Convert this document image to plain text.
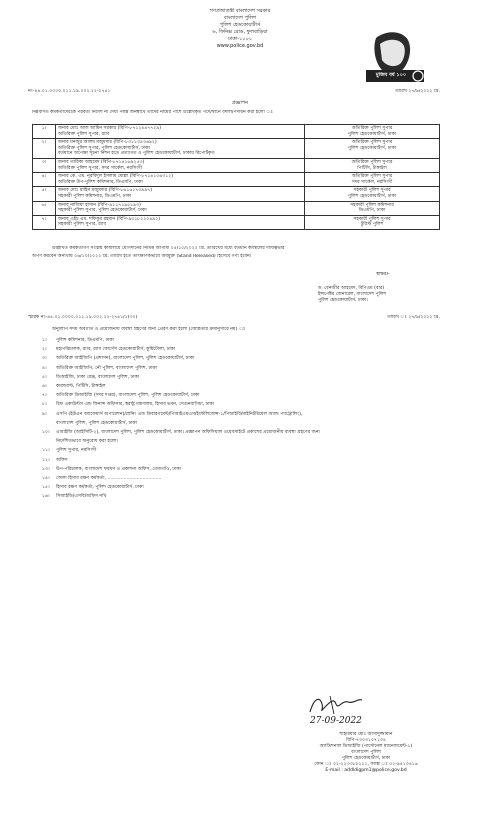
গণপ্রজাতন্ত্রী বাংলাদেশ সরকার
বাংলাদেশ পুলিশ
পুলিশ হেডকোয়ার্টার্স
৬, ফিনিক্স রোড, ফুলবাড়িয়া
ঢাকা-১০০০
www.police.gov.bd
মুজিব বর্ষ ১০০
নং-৪৪.০১.০০০০.০১১.১৯.০০২.২২-২৭৪১	তারিখ ২৭/৯/২০২২ খ্রি.
প্রজ্ঞাপন
নিম্নবর্ণিত কর্মকর্তাদেরকে পরবর্তী নির্দেশ না দেয়া পর্যন্ত জনস্বার্থে তাদের নামের পাশে উল্লেখকৃত পদে/স্থানে বদলি/পদায়ন করা হলো ঃ
১।	জনাব মোঃ আল আমিন সরকার (বিপি-৮৭১২৪৪৭৭২৯)
অতিরিক্ত পুলিশ সুপার, র‍্যাব	অতিরিক্ত পুলিশ সুপার
পুলিশ হেডকোয়ার্টার্স, ঢাকা
২।	জনাব মনজুর আলম মজুমদার (বিপি-৮৩১১৩৪৩৬৯২)
অতিরিক্ত পুলিশ সুপার, পুলিশ হেডকোয়ার্টার্স, ঢাকা
বর্তমানে অপেক্ষা সূচনা নিশন হতে প্রত্যাগত ও পুলিশ হেডকোয়ার্টার্স, ঢাকায় রিপোর্টকৃত	অতিরিক্ত পুলিশ সুপার
পুলিশ হেডকোয়ার্টার্স, ঢাকা
৩।	জনাব তারিকা আহমেদ (বিপি-৮৭১৪১৬৯২৫৩)
অতিরিক্ত পুলিশ সুপার, সদর সার্কেল, নরসিংদী	অতিরিক্ত পুলিশ সুপার
পিটিসি, টাঙ্গাইল
৪।	জনাব কে. এম. নূরবিদুল ইসলাম মোল্লা (বিপি-৮৭১৪১০৬৩১২)
অতিরিক্ত উপ-পুলিশ কমিশনার, ডিএমপি, ঢাকা	অতিরিক্ত পুলিশ সুপার
সদর সার্কেল, নরসিংদী
৫।	জনাব মোঃ মাহিন মজুমদার (বিপি-৮৬১৬১৭৩৯৯৭)
সহকারী পুলিশ কমিশনার, ডিএমপি, ঢাকা	সহকারী পুলিশ সুপার
পুলিশ হেডকোয়ার্টার্স, ঢাকা
৬।	জনাব নাজিয়া হাসান (বিপি-৯১১৭১৯৫১৯৩)
সহকারী পুলিশ সুপার, পুলিশ হেডকোয়ার্টার্স, ঢাকা	সহকারী পুলিশ কমিশনার
ডিএমপি, ঢাকা
৭।	জনাব এইচ এম. শফিকুর রহমান (বিপি-৯৩১৮২২০৪৯২)
সহকারী পুলিশ সুপার, র‍্যাব	সহকারী পুলিশ সুপার
টুরিস্ট পুলিশ
উল্লিখিত কর্মকর্তাগণ সংশ্লিষ্ট কার্যালয়ে যোগদানের নিমিত্ত আগামী ০৫/১০/২০২২ খ্রি. তারিখের মধ্যে বর্তমান কর্মস্থলের দায়িত্বভার
অর্পণ করবেন অন্যথায় ০৬/১০/২০২২ খ্রি. তারিখ হতে তাৎক্ষণিকভাবে অবমুক্ত (Stand Released) হিসেবে গণ্য হবেন।
স্বাক্ষর/-
ড. বেনজীর আহমেদ, বিপিএম (বার)
ইন্সপেক্টর জেনারেল, বাংলাদেশ পুলিশ
পুলিশ হেডকোয়ার্টার্স, ঢাকা।
স্মারক নং-৪৪.০১.০০০০.০১১.১৯.০০২.২২-২৭৪১/১(৩০)	তারিখ ঃ ২৭/৯/২০২২ খ্রি.
অনুলিপি সদয় অবগতি ও প্রয়োজনীয় ব্যবস্থা গ্রহণের জন্য প্রেরণ করা হলো (জ্যেষ্ঠতার ক্রমানুসারে নয়) ঃ
১। পুলিশ কমিশনার, ডিএমপি, ঢাকা
২। মহাপরিচালক, র‍্যাব, র‍্যাব ফোর্সেস হেডকোয়ার্টার্স, কুর্মিটোলা, ঢাকা
৩। অতিরিক্ত আইজিপি (প্রশাসন), বাংলাদেশ পুলিশ, পুলিশ হেডকোয়ার্টার্স, ঢাকা
৪। অতিরিক্ত আইজিপি, নৌ পুলিশ, বাংলাদেশ পুলিশ, ঢাকা
৫। ডিআইজি, ঢাকা রেঞ্জ, বাংলাদেশ পুলিশ, ঢাকা
৬। কমান্ড্যান্ট, পিটিসি, টাঙ্গাইল
৭। অতিরিক্ত ডিআইজি (সদর দপ্তর), বাংলাদেশ পুলিশ, পুলিশ হেডকোয়ার্টার্স, ঢাকা
৮। চিফ একাউন্টস এন্ড ফিনান্স অফিসার, স্বরাষ্ট্র মন্ত্রণালয়, হিসাব ভবন, সেগুনবাগিচা, ঢাকা
৯। এসপি (ইউএন অ্যাফেয়ার্স অপারেশন)/প্লানিং এন্ড ডিবারগমেন্ট/পিআইএমএস/ইন্টেলিজেন্স-১/পিআইবি/মাইনিটরিয়েল অ্যান্ড প্যাট্রোলিং),
বাংলাদেশ পুলিশ, পুলিশ হেডকোয়ার্টার্স, ঢাকা
১০। এআইজি (আইসিটি-২), বাংলাদেশ পুলিশ, পুলিশ হেডকোয়ার্টার্স, ঢাকা। প্রজ্ঞাপন অফিসিয়াল ওয়েবসাইটে প্রকাশের প্রয়োজনীয় ব্যবস্থা গ্রহণের জন্য
নির্দেশিতভাবে অনুরোধ করা হলো।
১১। পুলিশ সুপার, নরসিংদী
১২। অফিস
১৩। উপ-পরিচালক, বাংলাদেশ ফরমস ও প্রকাশনা অফিস, তেজগাঁও, ঢাকা
১৪। জেলা হিসাব রক্ষণ কর্মকর্তা, .....................................
১৫। হিসাব রক্ষণ কর্মকর্তা, পুলিশ হেডকোয়ার্টার্স, ঢাকা
১৬। সিআইডি/এসবি/অফিস নথি
27-09-2022
শাহরিয়ার মোঃ আসাদুজ্জামান
বিপি-৭৩০৩১০৭১৩৪
অ্যাডিশনাল ডিআইজি (পার্সোনেল ম্যানেজমেন্ট-১)
বাংলাদেশ পুলিশ
পুলিশ হেডকোয়ার্টার্স, ঢাকা
ফোন ঃ ০২-২২৩৩৮৮২২১, ফ্যাক্স ঃ ০২-৯৫১০৪১৬
E-mail : addldigpm1@police.gov.bd
